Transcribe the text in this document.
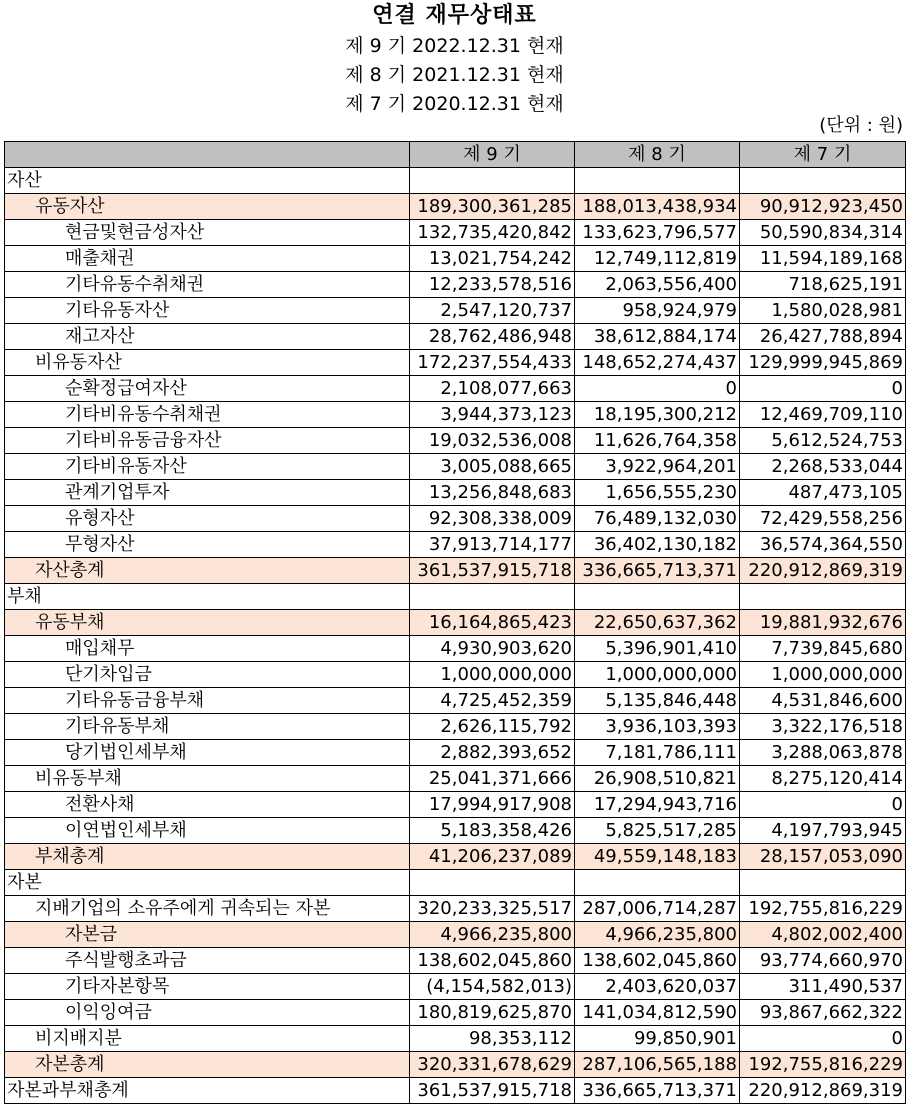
연결 재무상태표
제 9 기 2022.12.31 현재
제 8 기 2021.12.31 현재
제 7 기 2020.12.31 현재
(단위 : 원)
	제 9 기	제 8 기	제 7 기
자산			
유동자산	189,300,361,285	188,013,438,934	90,912,923,450
현금및현금성자산	132,735,420,842	133,623,796,577	50,590,834,314
매출채권	13,021,754,242	12,749,112,819	11,594,189,168
기타유동수취채권	12,233,578,516	2,063,556,400	718,625,191
기타유동자산	2,547,120,737	958,924,979	1,580,028,981
재고자산	28,762,486,948	38,612,884,174	26,427,788,894
비유동자산	172,237,554,433	148,652,274,437	129,999,945,869
순확정급여자산	2,108,077,663	0	0
기타비유동수취채권	3,944,373,123	18,195,300,212	12,469,709,110
기타비유동금융자산	19,032,536,008	11,626,764,358	5,612,524,753
기타비유동자산	3,005,088,665	3,922,964,201	2,268,533,044
관계기업투자	13,256,848,683	1,656,555,230	487,473,105
유형자산	92,308,338,009	76,489,132,030	72,429,558,256
무형자산	37,913,714,177	36,402,130,182	36,574,364,550
자산총계	361,537,915,718	336,665,713,371	220,912,869,319
부채			
유동부채	16,164,865,423	22,650,637,362	19,881,932,676
매입채무	4,930,903,620	5,396,901,410	7,739,845,680
단기차입금	1,000,000,000	1,000,000,000	1,000,000,000
기타유동금융부채	4,725,452,359	5,135,846,448	4,531,846,600
기타유동부채	2,626,115,792	3,936,103,393	3,322,176,518
당기법인세부채	2,882,393,652	7,181,786,111	3,288,063,878
비유동부채	25,041,371,666	26,908,510,821	8,275,120,414
전환사채	17,994,917,908	17,294,943,716	0
이연법인세부채	5,183,358,426	5,825,517,285	4,197,793,945
부채총계	41,206,237,089	49,559,148,183	28,157,053,090
자본			
지배기업의 소유주에게 귀속되는 자본	320,233,325,517	287,006,714,287	192,755,816,229
자본금	4,966,235,800	4,966,235,800	4,802,002,400
주식발행초과금	138,602,045,860	138,602,045,860	93,774,660,970
기타자본항목	(4,154,582,013)	2,403,620,037	311,490,537
이익잉여금	180,819,625,870	141,034,812,590	93,867,662,322
비지배지분	98,353,112	99,850,901	0
자본총계	320,331,678,629	287,106,565,188	192,755,816,229
자본과부채총계	361,537,915,718	336,665,713,371	220,912,869,319
